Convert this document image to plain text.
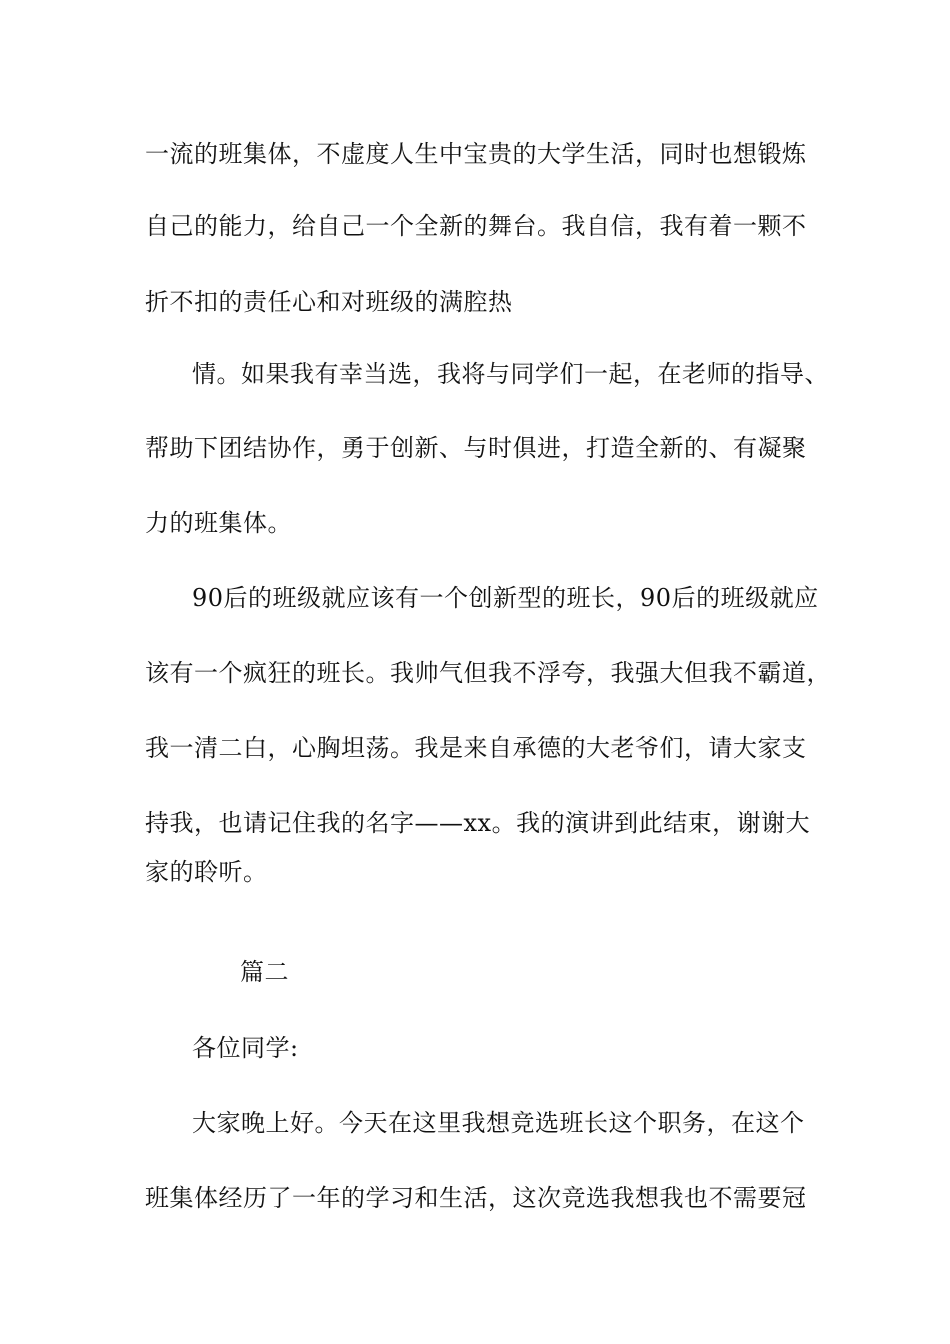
一流的班集体，不虚度人生中宝贵的大学生活，同时也想锻炼
自己的能力，给自己一个全新的舞台。我自信，我有着一颗不
折不扣的责任心和对班级的满腔热
情。如果我有幸当选，我将与同学们一起，在老师的指导、
帮助下团结协作，勇于创新、与时俱进，打造全新的、有凝聚
力的班集体。
90后的班级就应该有一个创新型的班长，90后的班级就应
该有一个疯狂的班长。我帅气但我不浮夸，我强大但我不霸道，
我一清二白，心胸坦荡。我是来自承德的大老爷们，请大家支
持我，也请记住我的名字——xx。我的演讲到此结束，谢谢大
家的聆听。
篇二
各位同学:
大家晚上好。今天在这里我想竞选班长这个职务，在这个
班集体经历了一年的学习和生活，这次竞选我想我也不需要冠
